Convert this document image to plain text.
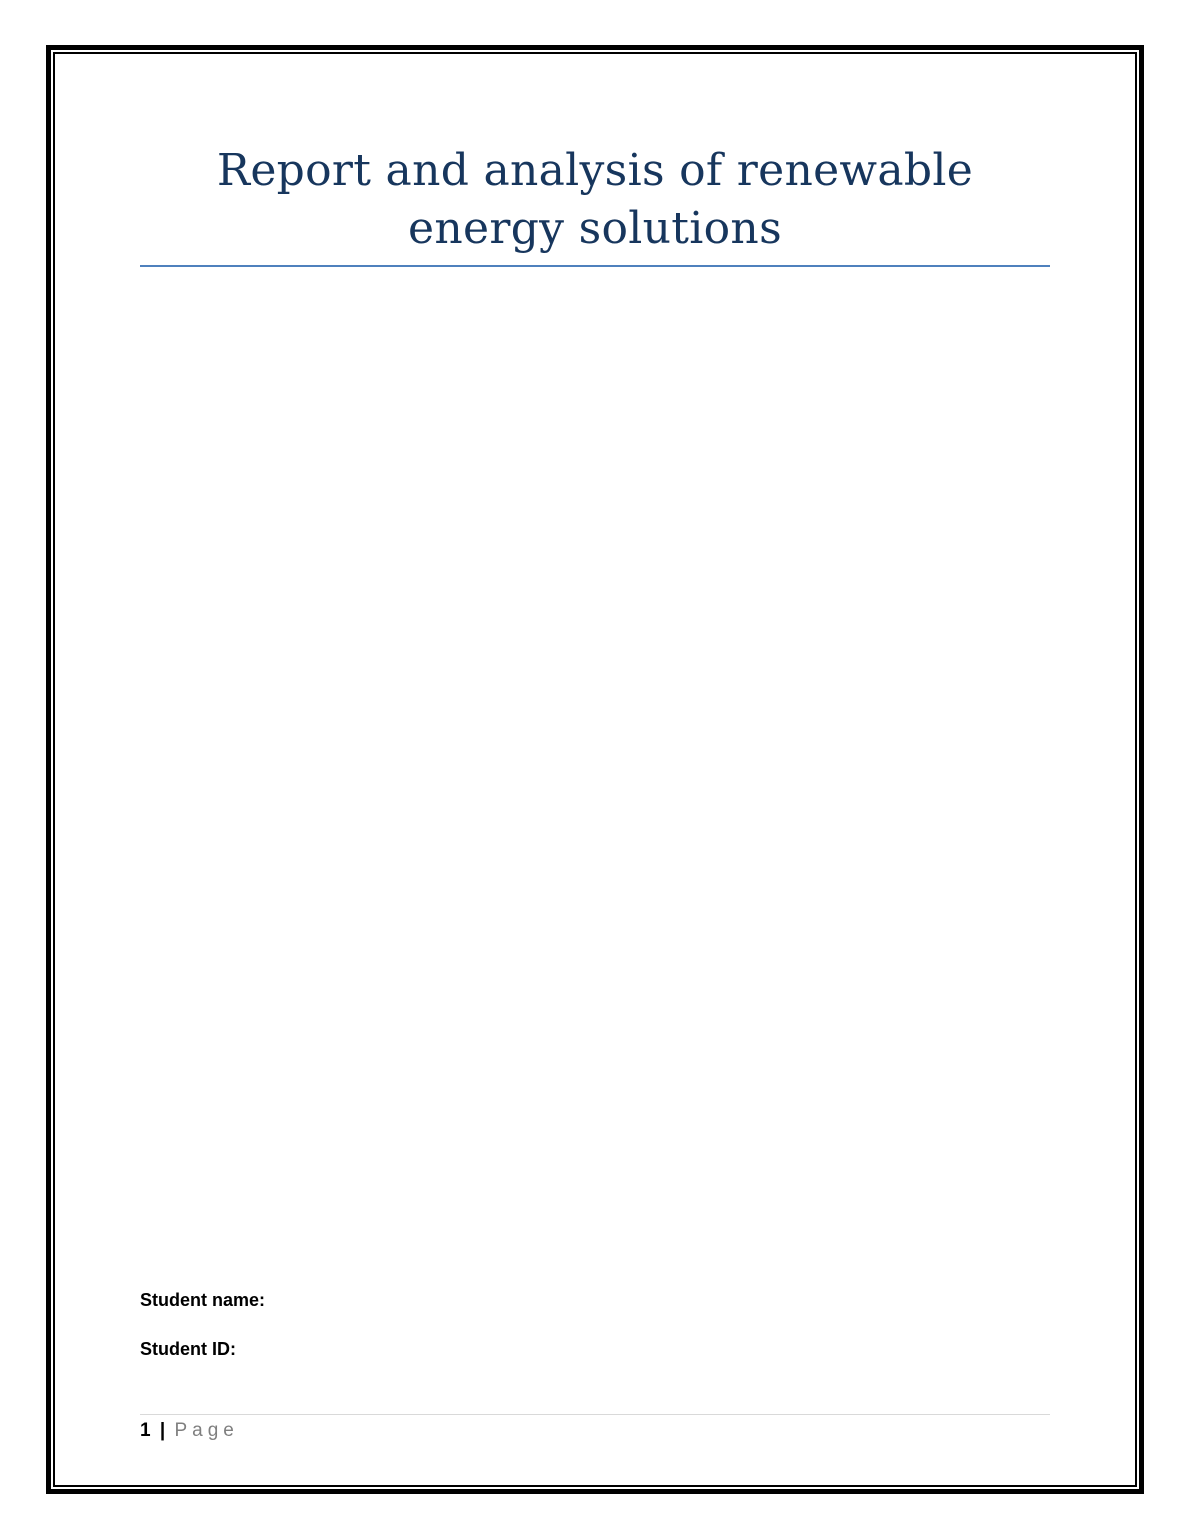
Report and analysis of renewable energy solutions
Student name:
Student ID:
1 | Page
